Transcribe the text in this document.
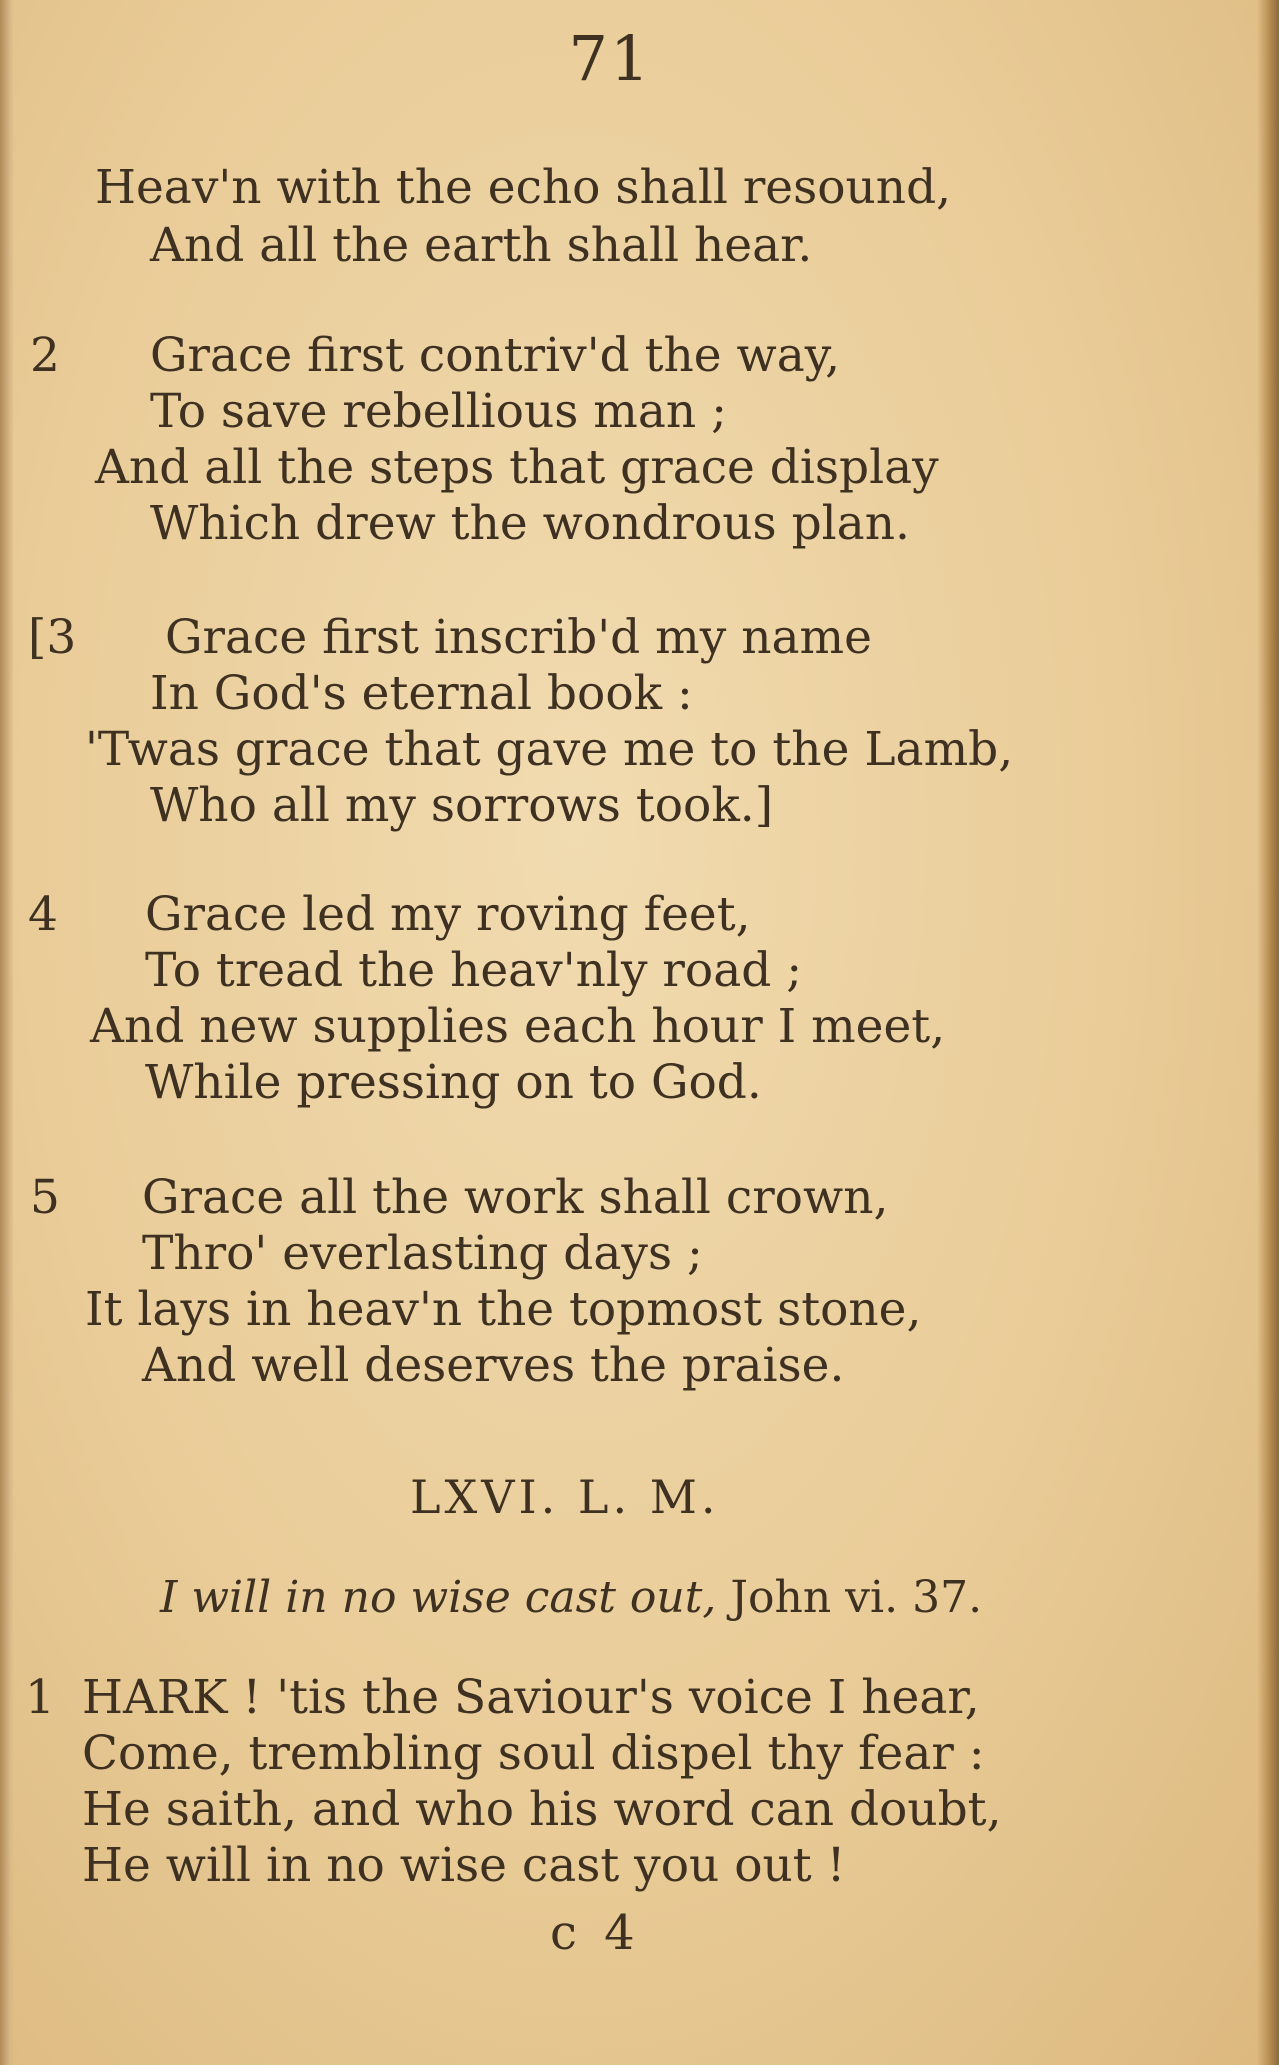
71
Heav'n with the echo shall resound,
And all the earth shall hear.
2 Grace first contriv'd the way,
To save rebellious man ;
And all the steps that grace display
Which drew the wondrous plan.
[3 Grace first inscrib'd my name
In God's eternal book :
'Twas grace that gave me to the Lamb,
Who all my sorrows took.]
4 Grace led my roving feet,
To tread the heav'nly road ;
And new supplies each hour I meet,
While pressing on to God.
5 Grace all the work shall crown,
Thro' everlasting days ;
It lays in heav'n the topmost stone,
And well deserves the praise.
LXVI. L. M.
I will in no wise cast out, John vi. 37.
1 HARK ! 'tis the Saviour's voice I hear,
Come, trembling soul dispel thy fear :
He saith, and who his word can doubt,
He will in no wise cast you out !
c 4
